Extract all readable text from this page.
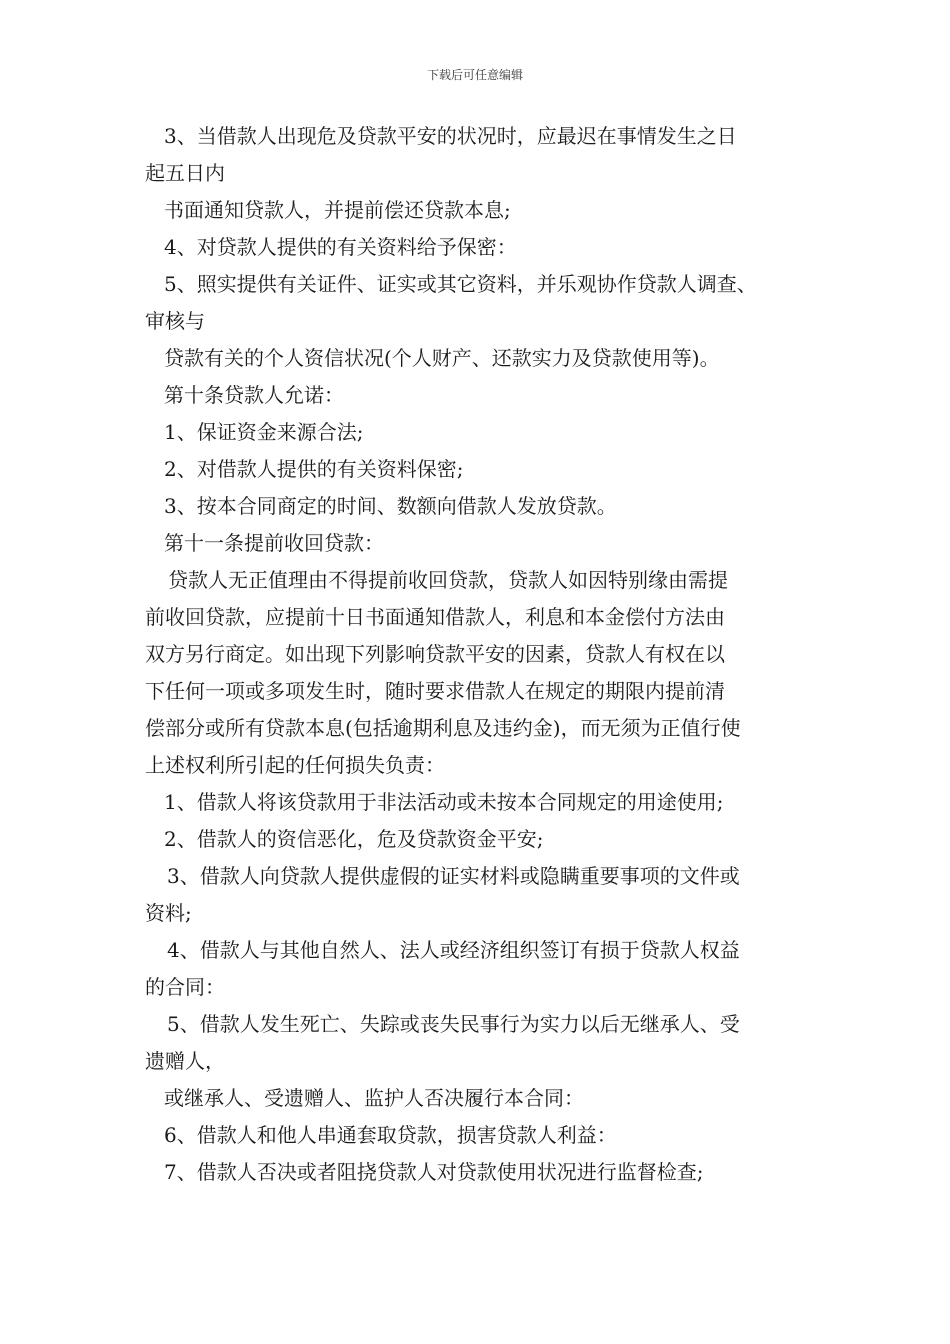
下载后可任意编辑
3、当借款人出现危及贷款平安的状况时，应最迟在事情发生之日
起五日内
书面通知贷款人，并提前偿还贷款本息;
4、对贷款人提供的有关资料给予保密：
5、照实提供有关证件、证实或其它资料，并乐观协作贷款人调查、
审核与
贷款有关的个人资信状况(个人财产、还款实力及贷款使用等)。
第十条贷款人允诺：
1、保证资金来源合法;
2、对借款人提供的有关资料保密;
3、按本合同商定的时间、数额向借款人发放贷款。
第十一条提前收回贷款：
贷款人无正值理由不得提前收回贷款，贷款人如因特别缘由需提
前收回贷款，应提前十日书面通知借款人，利息和本金偿付方法由
双方另行商定。如出现下列影响贷款平安的因素，贷款人有权在以
下任何一项或多项发生时，随时要求借款人在规定的期限内提前清
偿部分或所有贷款本息(包括逾期利息及违约金)，而无须为正值行使
上述权利所引起的任何损失负责：
1、借款人将该贷款用于非法活动或未按本合同规定的用途使用;
2、借款人的资信恶化，危及贷款资金平安;
3、借款人向贷款人提供虚假的证实材料或隐瞒重要事项的文件或
资料;
4、借款人与其他自然人、法人或经济组织签订有损于贷款人权益
的合同：
5、借款人发生死亡、失踪或丧失民事行为实力以后无继承人、受
遗赠人，
或继承人、受遗赠人、监护人否决履行本合同：
6、借款人和他人串通套取贷款，损害贷款人利益：
7、借款人否决或者阻挠贷款人对贷款使用状况进行监督检查;
